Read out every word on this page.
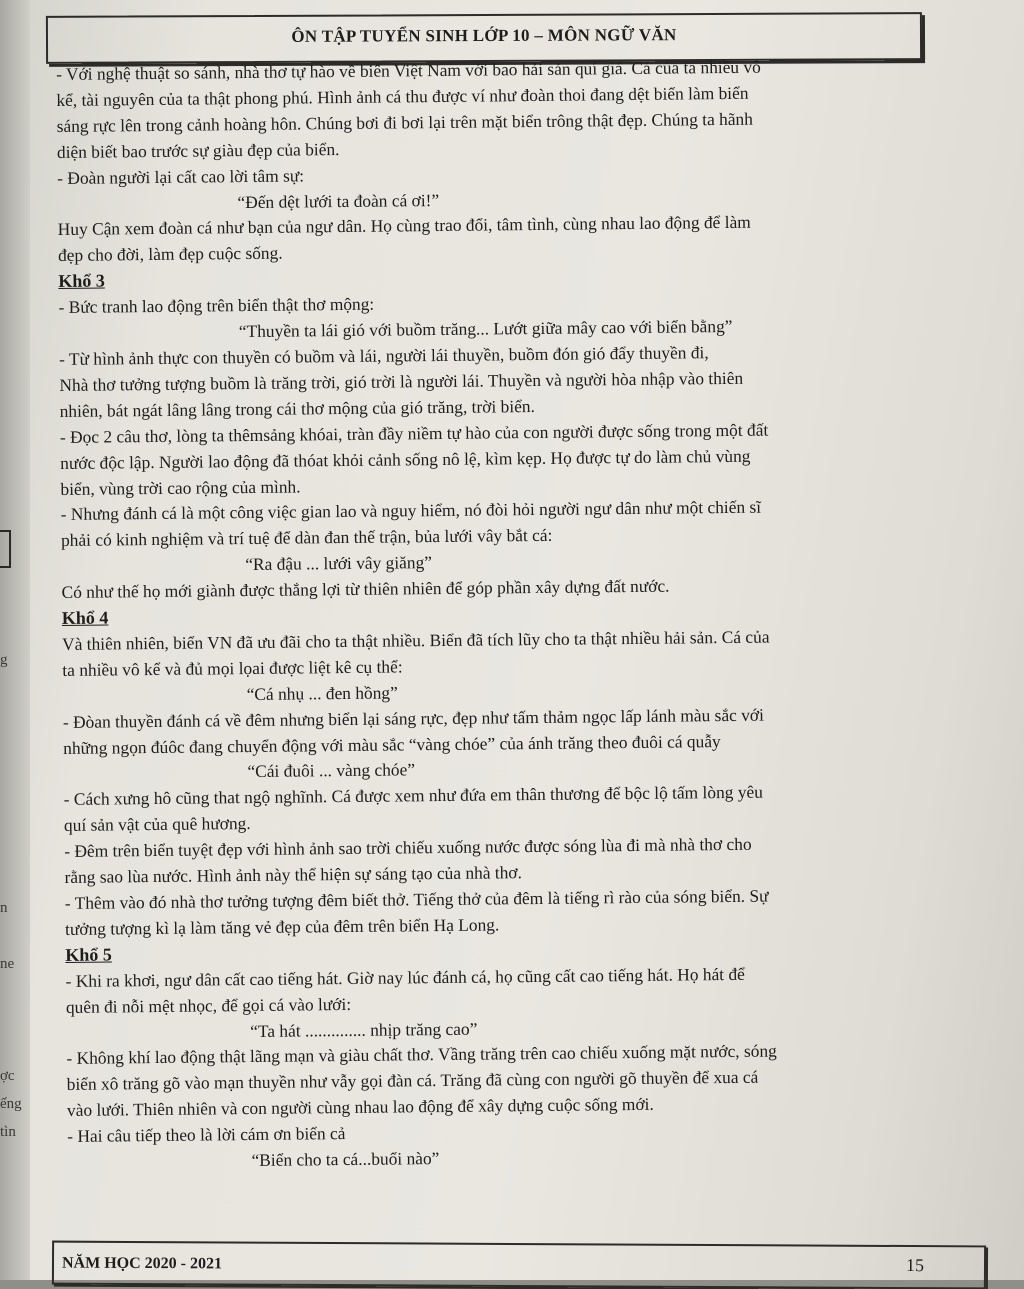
g
n
ne
ợc
ếng
tìn
ÔN TẬP TUYỂN SINH LỚP 10 – MÔN NGỮ VĂN

- Với nghệ thuật so sánh, nhà thơ tự hào về biển Việt Nam với bao hải sản quí giá. Cá của ta nhiều vô

kể, tài nguyên của ta thật phong phú. Hình ảnh cá thu được ví như đoàn thoi đang dệt biển làm biển

sáng rực lên trong cảnh hoàng hôn. Chúng bơi đi bơi lại trên mặt biển trông thật đẹp. Chúng ta hãnh

diện biết bao trước sự giàu đẹp của biển.

- Đoàn người lại cất cao lời tâm sự:

“Đến dệt lưới ta đoàn cá ơi!”

Huy Cận xem đoàn cá như bạn của ngư dân. Họ cùng trao đổi, tâm tình, cùng nhau lao động để làm

đẹp cho đời, làm đẹp cuộc sống.

Khổ 3

- Bức tranh lao động trên biển thật thơ mộng:

“Thuyền ta lái gió với buồm trăng... Lướt giữa mây cao với biển bằng”

- Từ hình ảnh thực con thuyền có buồm và lái, người lái thuyền, buồm đón gió đẩy thuyền đi,

Nhà thơ tưởng tượng buồm là trăng trời, gió trời là người lái. Thuyền và người hòa nhập vào thiên

nhiên, bát ngát lâng lâng trong cái thơ mộng của gió trăng, trời biển.

- Đọc 2 câu thơ, lòng ta thêmsảng khóai, tràn đầy niềm tự hào của con người được sống trong một đất

nước độc lập. Người lao động đã thóat khỏi cảnh sống nô lệ, kìm kẹp. Họ được tự do làm chủ vùng

biển, vùng trời cao rộng của mình.

- Nhưng đánh cá là một công việc gian lao và nguy hiểm, nó đòi hỏi người ngư dân như một chiến sĩ

phải có kinh nghiệm và trí tuệ để dàn đan thế trận, bủa lưới vây bắt cá:

“Ra đậu ... lưới vây giăng”

Có như thế họ mới giành được thắng lợi từ thiên nhiên để góp phần xây dựng đất nước.

Khổ 4

Và thiên nhiên, biển VN đã ưu đãi cho ta thật nhiều. Biển đã tích lũy cho ta thật nhiều hải sản. Cá của

ta nhiều vô kể và đủ mọi lọai được liệt kê cụ thể:

“Cá nhụ ... đen hồng”

- Đòan thuyền đánh cá về đêm nhưng biển lại sáng rực, đẹp như tấm thảm ngọc lấp lánh màu sắc với

những ngọn đúôc đang chuyển động với màu sắc “vàng chóe” của ánh trăng theo đuôi cá quẫy

“Cái đuôi ... vàng chóe”

- Cách xưng hô cũng that ngộ nghĩnh. Cá được xem như đứa em thân thương để bộc lộ tấm lòng yêu

quí sản vật của quê hương.

- Đêm trên biển tuyệt đẹp với hình ảnh sao trời chiếu xuống nước được sóng lùa đi mà nhà thơ cho

rằng sao lùa nước. Hình ảnh này thể hiện sự sáng tạo của nhà thơ.

- Thêm vào đó nhà thơ tưởng tượng đêm biết thở. Tiếng thở của đêm là tiếng rì rào của sóng biển. Sự

tưởng tượng kì lạ làm tăng vẻ đẹp của đêm trên biển Hạ Long.

Khổ 5

- Khi ra khơi, ngư dân cất cao tiếng hát. Giờ nay lúc đánh cá, họ cũng cất cao tiếng hát. Họ hát để

quên đi nỗi mệt nhọc, để gọi cá vào lưới:

“Ta hát .............. nhịp trăng cao”

- Không khí lao động thật lãng mạn và giàu chất thơ. Vầng trăng trên cao chiếu xuống mặt nước, sóng

biển xô trăng gõ vào mạn thuyền như vẫy gọi đàn cá. Trăng đã cùng con người gõ thuyền để xua cá

vào lưới. Thiên nhiên và con người cùng nhau lao động để xây dựng cuộc sống mới.

- Hai câu tiếp theo là lời cám ơn biển cả

“Biển cho ta cá...buổi nào”

NĂM HỌC 2020 - 2021	15
